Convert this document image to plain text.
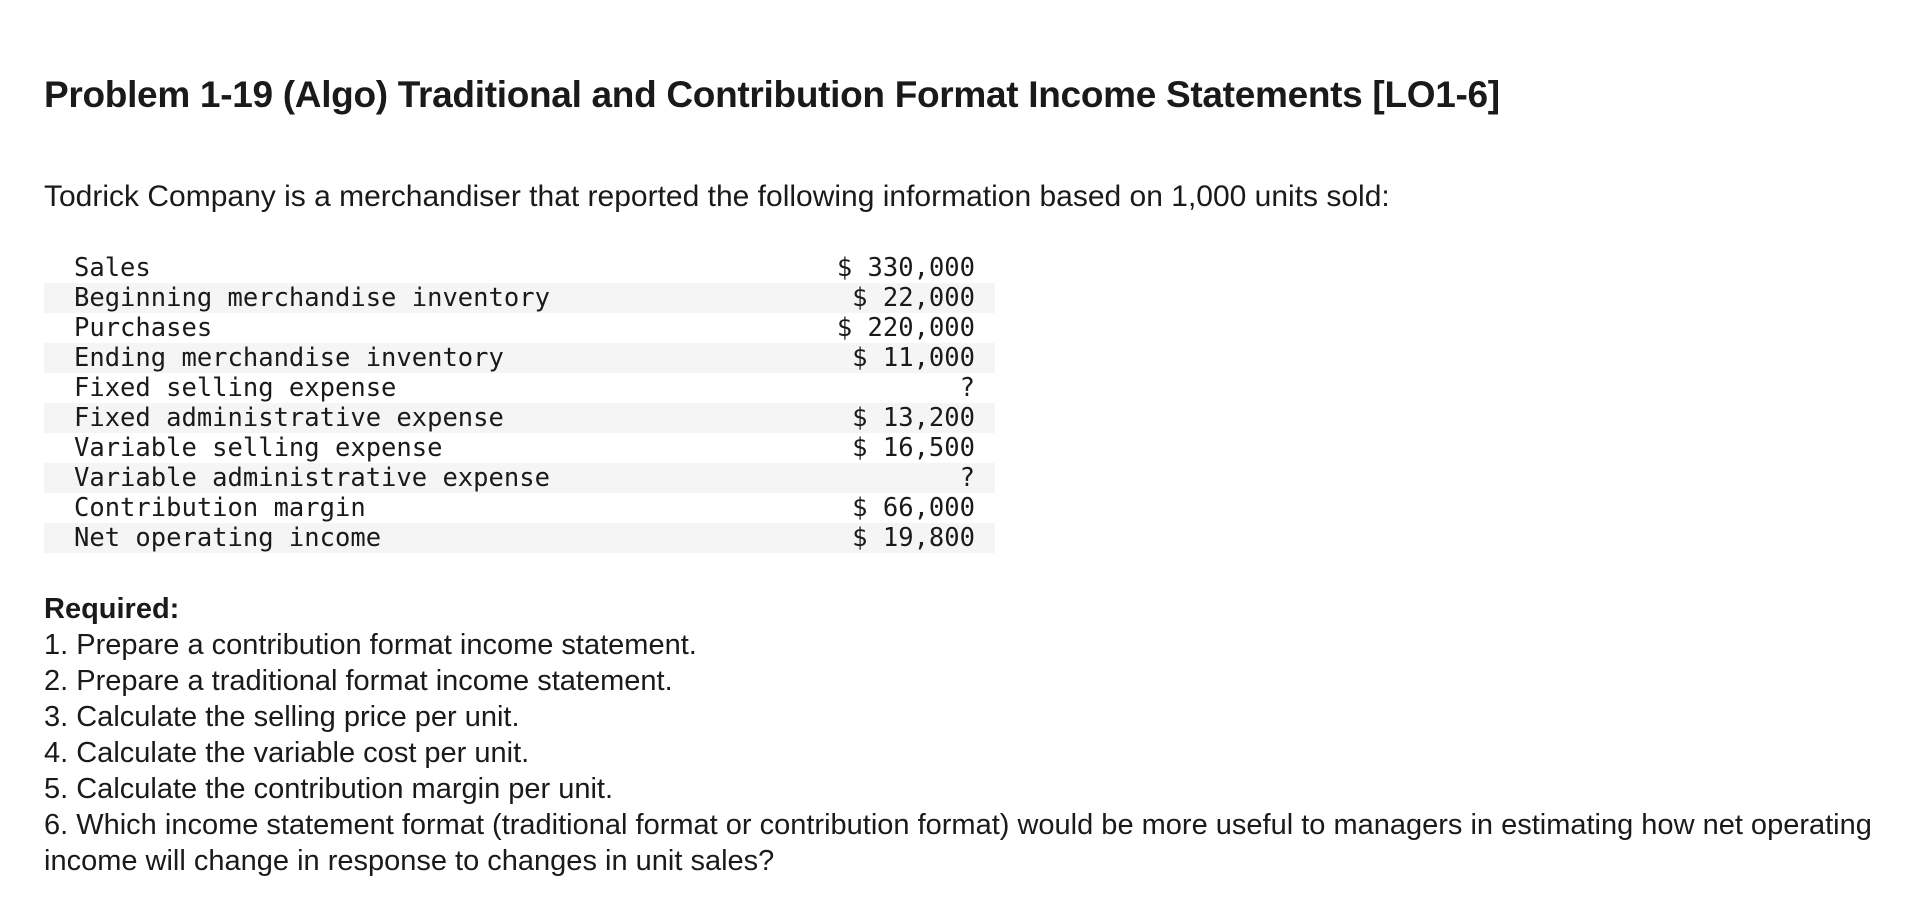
Problem 1-19 (Algo) Traditional and Contribution Format Income Statements [LO1-6]
Todrick Company is a merchandiser that reported the following information based on 1,000 units sold:
Sales	$ 330,000
Beginning merchandise inventory	$ 22,000
Purchases	$ 220,000
Ending merchandise inventory	$ 11,000
Fixed selling expense	?
Fixed administrative expense	$ 13,200
Variable selling expense	$ 16,500
Variable administrative expense	?
Contribution margin	$ 66,000
Net operating income	$ 19,800
Required:
1. Prepare a contribution format income statement.
2. Prepare a traditional format income statement.
3. Calculate the selling price per unit.
4. Calculate the variable cost per unit.
5. Calculate the contribution margin per unit.
6. Which income statement format (traditional format or contribution format) would be more useful to managers in estimating how net operating income will change in response to changes in unit sales?
